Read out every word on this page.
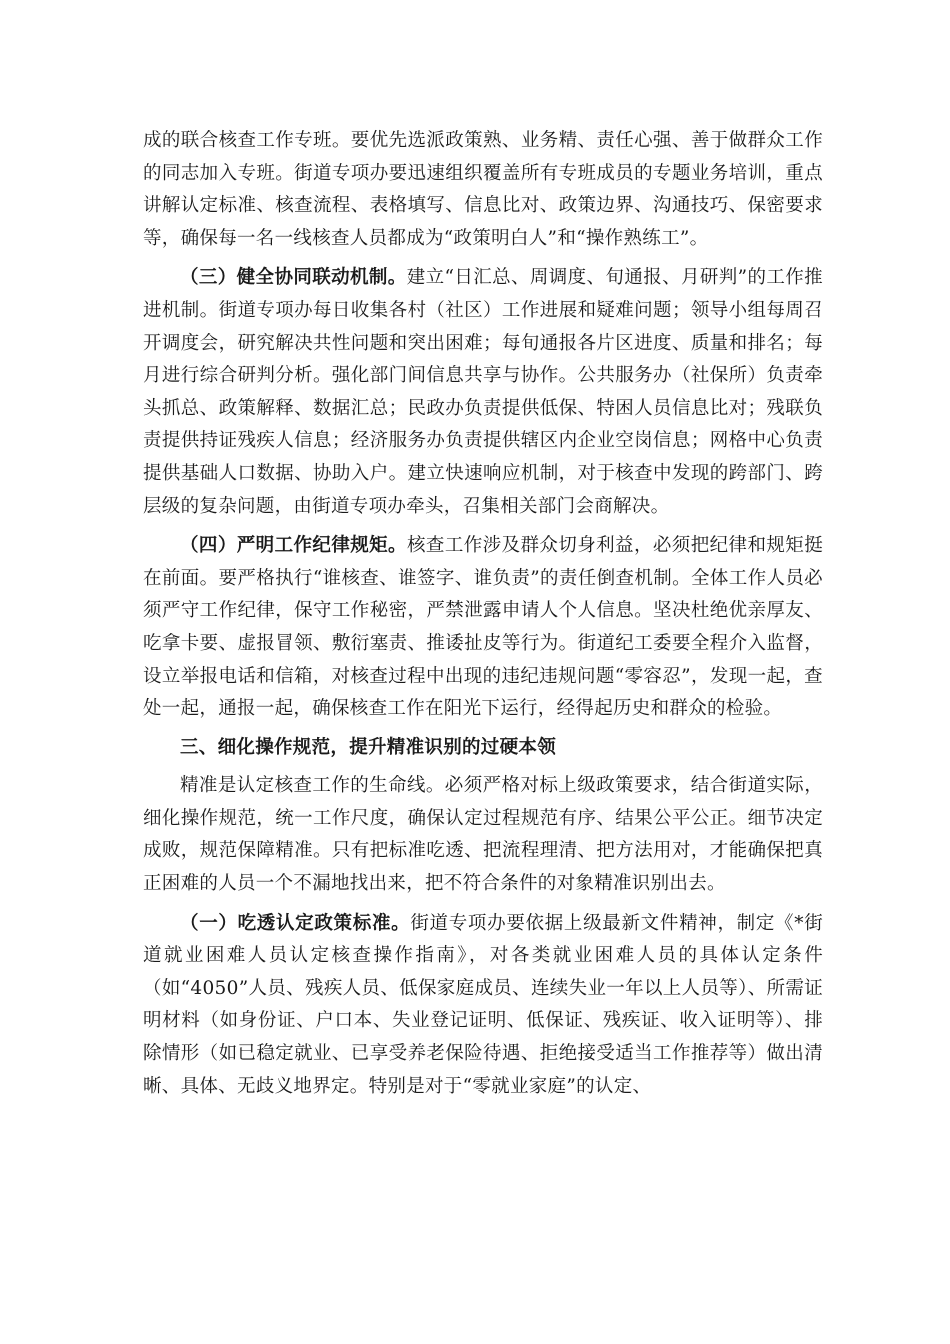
成的联合核查工作专班。要优先选派政策熟、业务精、责任心强、善于做群众工作的同志加入专班。街道专项办要迅速组织覆盖所有专班成员的专题业务培训，重点讲解认定标准、核查流程、表格填写、信息比对、政策边界、沟通技巧、保密要求等，确保每一名一线核查人员都成为“政策明白人”和“操作熟练工”。

（三）健全协同联动机制。建立“日汇总、周调度、旬通报、月研判”的工作推进机制。街道专项办每日收集各村（社区）工作进展和疑难问题；领导小组每周召开调度会，研究解决共性问题和突出困难；每旬通报各片区进度、质量和排名；每月进行综合研判分析。强化部门间信息共享与协作。公共服务办（社保所）负责牵头抓总、政策解释、数据汇总；民政办负责提供低保、特困人员信息比对；残联负责提供持证残疾人信息；经济服务办负责提供辖区内企业空岗信息；网格中心负责提供基础人口数据、协助入户。建立快速响应机制，对于核查中发现的跨部门、跨层级的复杂问题，由街道专项办牵头，召集相关部门会商解决。

（四）严明工作纪律规矩。核查工作涉及群众切身利益，必须把纪律和规矩挺在前面。要严格执行“谁核查、谁签字、谁负责”的责任倒查机制。全体工作人员必须严守工作纪律，保守工作秘密，严禁泄露申请人个人信息。坚决杜绝优亲厚友、吃拿卡要、虚报冒领、敷衍塞责、推诿扯皮等行为。街道纪工委要全程介入监督，设立举报电话和信箱，对核查过程中出现的违纪违规问题“零容忍”，发现一起，查处一起，通报一起，确保核查工作在阳光下运行，经得起历史和群众的检验。

三、细化操作规范，提升精准识别的过硬本领

精准是认定核查工作的生命线。必须严格对标上级政策要求，结合街道实际，细化操作规范，统一工作尺度，确保认定过程规范有序、结果公平公正。细节决定成败，规范保障精准。只有把标准吃透、把流程理清、把方法用对，才能确保把真正困难的人员一个不漏地找出来，把不符合条件的对象精准识别出去。

（一）吃透认定政策标准。街道专项办要依据上级最新文件精神，制定《*街道就业困难人员认定核查操作指南》，对各类就业困难人员的具体认定条件（如“4050”人员、残疾人员、低保家庭成员、连续失业一年以上人员等）、所需证明材料（如身份证、户口本、失业登记证明、低保证、残疾证、收入证明等）、排除情形（如已稳定就业、已享受养老保险待遇、拒绝接受适当工作推荐等）做出清晰、具体、无歧义地界定。特别是对于“零就业家庭”的认定、
